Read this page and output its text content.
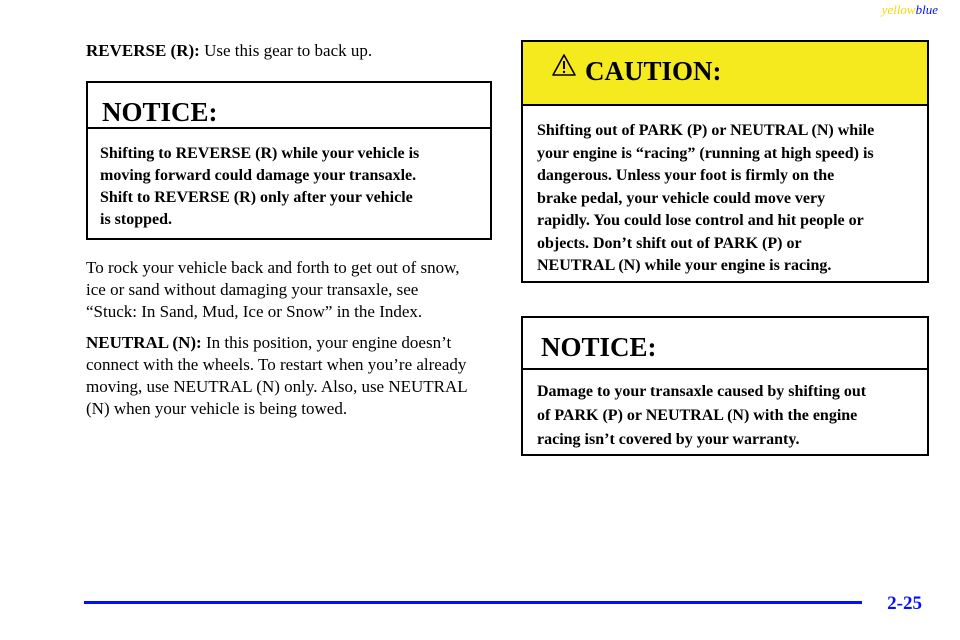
yellowblue

REVERSE (R): Use this gear to back up.

NOTICE:
Shifting to REVERSE (R) while your vehicle is
moving forward could damage your transaxle.
Shift to REVERSE (R) only after your vehicle
is stopped.

To rock your vehicle back and forth to get out of snow,
ice or sand without damaging your transaxle, see
“Stuck: In Sand, Mud, Ice or Snow” in the Index.

NEUTRAL (N): In this position, your engine doesn’t
connect with the wheels. To restart when you’re already
moving, use NEUTRAL (N) only. Also, use NEUTRAL
(N) when your vehicle is being towed.

CAUTION:
Shifting out of PARK (P) or NEUTRAL (N) while
your engine is “racing” (running at high speed) is
dangerous. Unless your foot is firmly on the
brake pedal, your vehicle could move very
rapidly. You could lose control and hit people or
objects. Don’t shift out of PARK (P) or
NEUTRAL (N) while your engine is racing.
NOTICE:
Damage to your transaxle caused by shifting out
of PARK (P) or NEUTRAL (N) with the engine
racing isn’t covered by your warranty.
2-25
